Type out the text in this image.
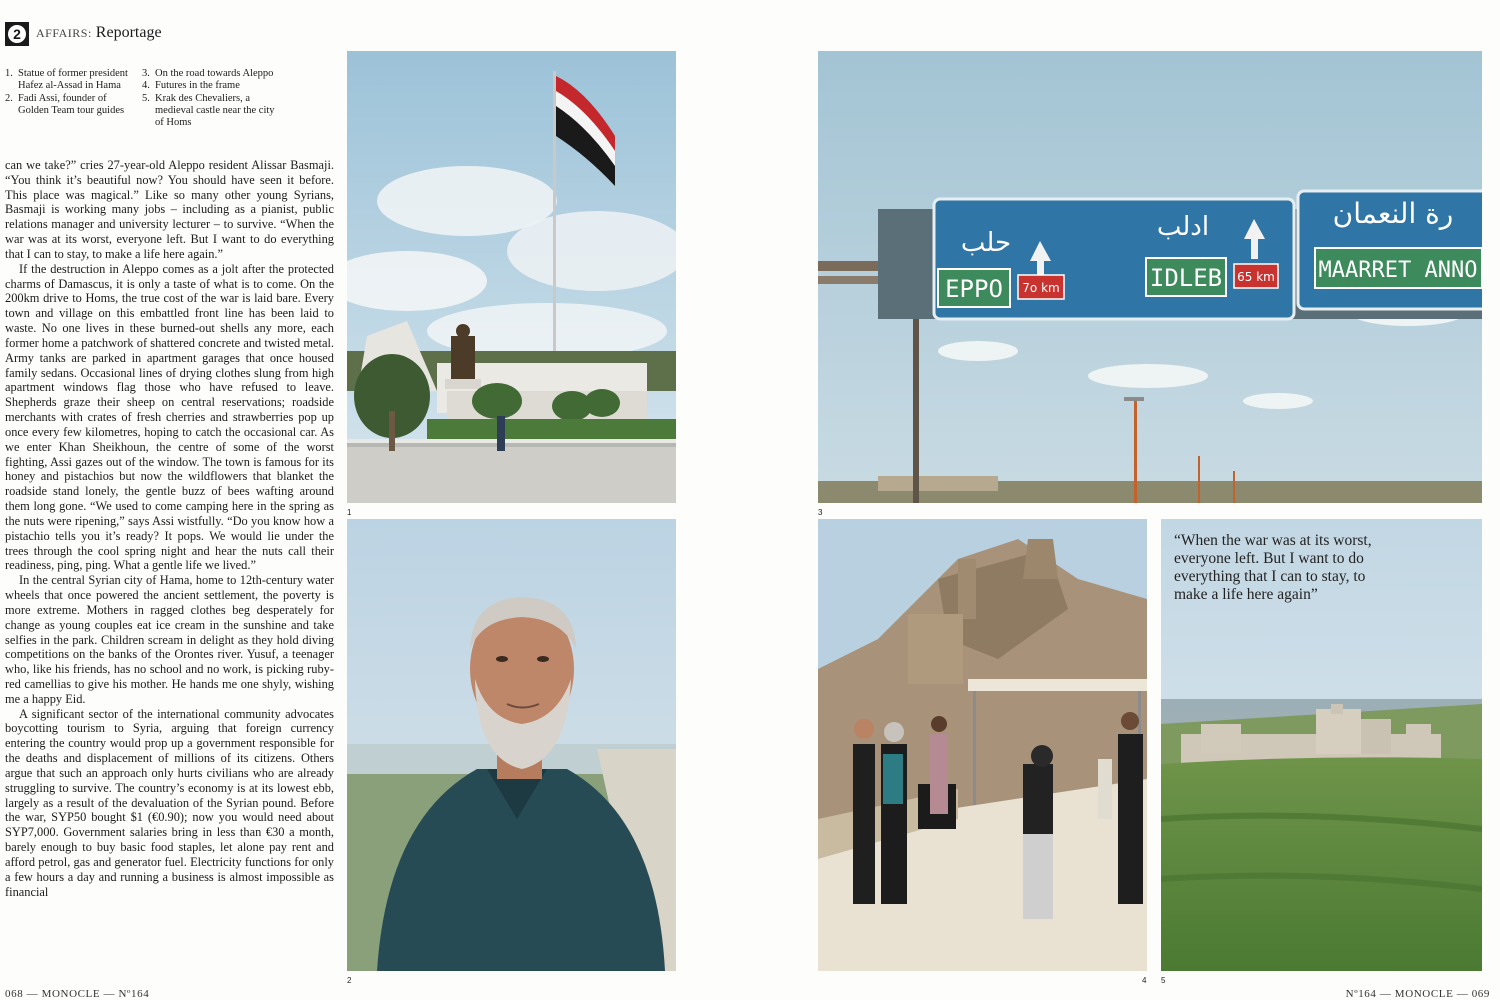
2	AFFAIRS: Reportage
1. Statue of former president Hafez al-Assad in Hama
2. Fadi Assi, founder of Golden Team tour guides
3. On the road towards Aleppo
4. Futures in the frame
5. Krak des Chevaliers, a medieval castle near the city of Homs

can we take?” cries 27-year-old Aleppo resident Alissar Basmaji. “You think it’s beautiful now? You should have seen it before. This place was magical.” Like so many other young Syrians, Basmaji is working many jobs – including as a pianist, public relations manager and university lecturer – to survive. “When the war was at its worst, everyone left. But I want to do everything that I can to stay, to make a life here again.”

If the destruction in Aleppo comes as a jolt after the protected charms of Damascus, it is only a taste of what is to come. On the 200km drive to Homs, the true cost of the war is laid bare. Every town and village on this embattled front line has been laid to waste. No one lives in these burned-out shells any more, each former home a patchwork of shattered concrete and twisted metal. Army tanks are parked in apartment garages that once housed family sedans. Occasional lines of drying clothes slung from high apartment windows flag those who have refused to leave. Shepherds graze their sheep on central reservations; roadside merchants with crates of fresh cherries and strawberries pop up once every few kilometres, hoping to catch the occasional car. As we enter Khan Sheikhoun, the centre of some of the worst fighting, Assi gazes out of the window. The town is famous for its honey and pistachios but now the wildflowers that blanket the roadside stand lonely, the gentle buzz of bees wafting around them long gone. “We used to come camping here in the spring as the nuts were ripening,” says Assi wistfully. “Do you know how a pistachio tells you it’s ready? It pops. We would lie under the trees through the cool spring night and hear the nuts call their readiness, ping, ping. What a gentle life we lived.”

In the central Syrian city of Hama, home to 12th-century water wheels that once powered the ancient settlement, the poverty is more extreme. Mothers in ragged clothes beg desperately for change as young couples eat ice cream in the sunshine and take selfies in the park. Children scream in delight as they hold diving competitions on the banks of the Orontes river. Yusuf, a teenager who, like his friends, has no school and no work, is picking ruby-red camellias to give his mother. He hands me one shyly, wishing me a happy Eid.

A significant sector of the international community advocates boycotting tourism to Syria, arguing that foreign currency entering the country would prop up a government responsible for the deaths and displacement of millions of its citizens. Others argue that such an approach only hurts civilians who are already struggling to survive. The country’s economy is at its lowest ebb, largely as a result of the devaluation of the Syrian pound. Before the war, SYP50 bought $1 (€0.90); now you would need about SYP7,000. Government salaries bring in less than €30 a month, barely enough to buy basic food staples, let alone pay rent and afford petrol, gas and generator fuel. Electricity functions for only a few hours a day and running a business is almost impossible as financial

1
2
حلب
ادلب	رة النعمان
EPPO 7o km	IDLEB 65 km MAARRET ANNO
3
4 5
“When the war was at its worst, everyone left. But I want to do everything that I can to stay, to make a life here again”
068 — MONOCLE — Nº164	Nº164 — MONOCLE — 069
